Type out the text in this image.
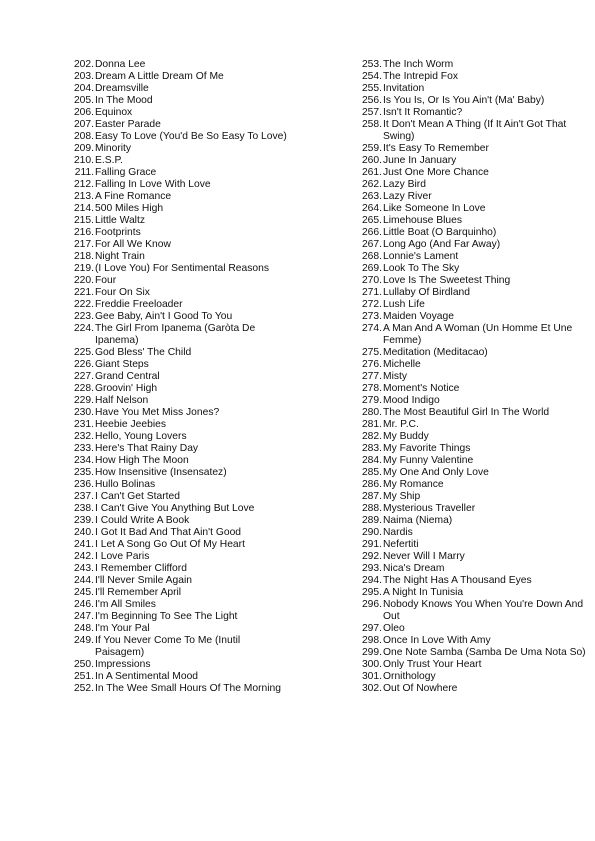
202. Donna Lee
203. Dream A Little Dream Of Me
204. Dreamsville
205. In The Mood
206. Equinox
207. Easter Parade
208. Easy To Love (You'd Be So Easy To Love)
209. Minority
210. E.S.P.
211. Falling Grace
212. Falling In Love With Love
213. A Fine Romance
214. 500 Miles High
215. Little Waltz
216. Footprints
217. For All We Know
218. Night Train
219. (I Love You) For Sentimental Reasons
220. Four
221. Four On Six
222. Freddie Freeloader
223. Gee Baby, Ain't I Good To You
224. The Girl From Ipanema (Garòta De Ipanema)
225. God Bless' The Child
226. Giant Steps
227. Grand Central
228. Groovin' High
229. Half Nelson
230. Have You Met Miss Jones?
231. Heebie Jeebies
232. Hello, Young Lovers
233. Here's That Rainy Day
234. How High The Moon
235. How Insensitive (Insensatez)
236. Hullo Bolinas
237. I Can't Get Started
238. I Can't Give You Anything But Love
239. I Could Write A Book
240. I Got It Bad And That Ain't Good
241. I Let A Song Go Out Of My Heart
242. I Love Paris
243. I Remember Clifford
244. I'll Never Smile Again
245. I'll Remember April
246. I'm All Smiles
247. I'm Beginning To See The Light
248. I'm Your Pal
249. If You Never Come To Me (Inutil Paisagem)
250. Impressions
251. In A Sentimental Mood
252. In The Wee Small Hours Of The Morning
253. The Inch Worm
254. The Intrepid Fox
255. Invitation
256. Is You Is, Or Is You Ain't (Ma' Baby)
257. Isn't It Romantic?
258. It Don't Mean A Thing (If It Ain't Got That Swing)
259. It's Easy To Remember
260. June In January
261. Just One More Chance
262. Lazy Bird
263. Lazy River
264. Like Someone In Love
265. Limehouse Blues
266. Little Boat (O Barquinho)
267. Long Ago (And Far Away)
268. Lonnie's Lament
269. Look To The Sky
270. Love Is The Sweetest Thing
271. Lullaby Of Birdland
272. Lush Life
273. Maiden Voyage
274. A Man And A Woman (Un Homme Et Une Femme)
275. Meditation (Meditacao)
276. Michelle
277. Misty
278. Moment's Notice
279. Mood Indigo
280. The Most Beautiful Girl In The World
281. Mr. P.C.
282. My Buddy
283. My Favorite Things
284. My Funny Valentine
285. My One And Only Love
286. My Romance
287. My Ship
288. Mysterious Traveller
289. Naima (Niema)
290. Nardis
291. Nefertiti
292. Never Will I Marry
293. Nica's Dream
294. The Night Has A Thousand Eyes
295. A Night In Tunisia
296. Nobody Knows You When You're Down And Out
297. Oleo
298. Once In Love With Amy
299. One Note Samba (Samba De Uma Nota So)
300. Only Trust Your Heart
301. Ornithology
302. Out Of Nowhere
